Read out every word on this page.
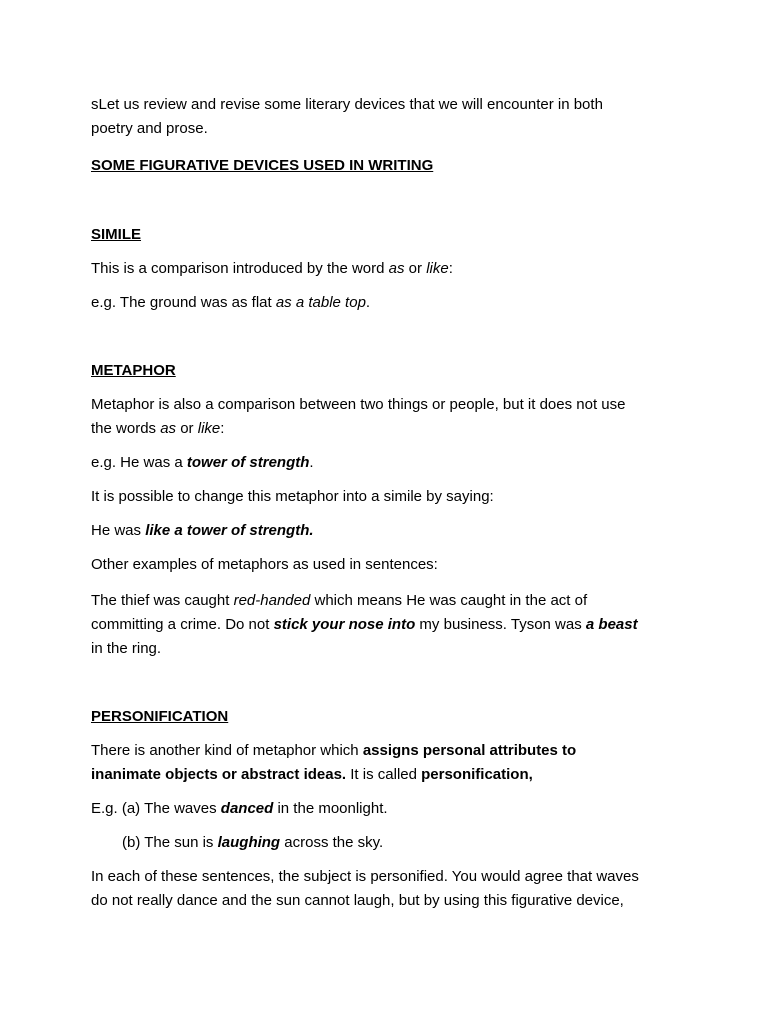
sLet us review and revise some literary devices that we will encounter in both

poetry and prose.

SOME FIGURATIVE DEVICES USED IN WRITING

SIMILE

This is a comparison introduced by the word as or like:

e.g. The ground was as flat as a table top.

METAPHOR

Metaphor is also a comparison between two things or people, but it does not use

the words as or like:

e.g. He was a tower of strength.

It is possible to change this metaphor into a simile by saying:

He was like a tower of strength.

Other examples of metaphors as used in sentences:

The thief was caught red-handed which means He was caught in the act of

committing a crime. Do not stick your nose into my business. Tyson was a beast

in the ring.

PERSONIFICATION

There is another kind of metaphor which assigns personal attributes to

inanimate objects or abstract ideas. It is called personification,

E.g. (a) The waves danced in the moonlight.

(b) The sun is laughing across the sky.

In each of these sentences, the subject is personified. You would agree that waves

do not really dance and the sun cannot laugh, but by using this figurative device,
